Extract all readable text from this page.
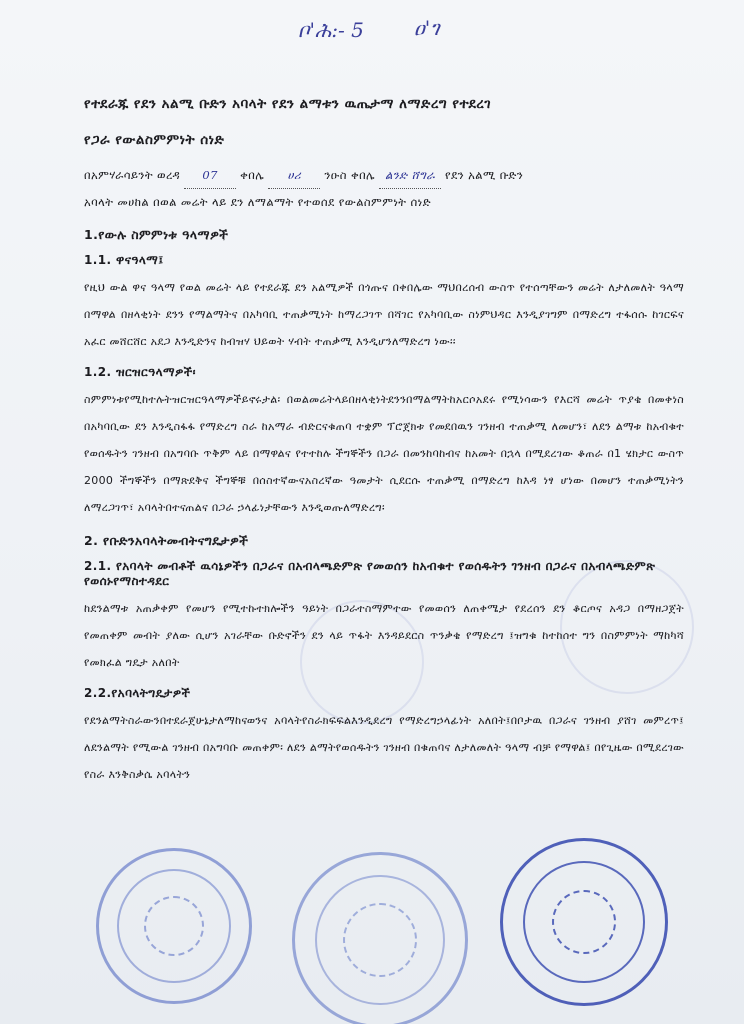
ቦ'ሕ:- 5	ዐ'ገ

የተደራጁ የደን አልሚ ቡድን አባላት የደን ልማቱን ዉጤታማ ለማድረግ የተደረገ

የጋራ የውልስምምነት ሰነድ

በአምሃራሳይንት ወረዳ 07 ቀበሌ ሀሪ ንዑስ ቀበሌ ልንድ ሸግራ የደን አልሚ ቡድን
አባላት መሀከል በወል መሬት ላይ ደን ለማልማት የተወሰደ የውልስምምነት ሰነድ
1.የውሉ ስምምነቱ ዓላማዎች
1.1. ዋናዓላማ፤

የዚህ ውል ዋና ዓላማ የወል መሬት ላይ የተደራጁ ደን አልሚዎች በጎጡና በቀበሌው ማህበረሰብ ውስጥ የተሰጣቸውን መሬት ለታለመለት ዓላማ በማዋል በዘላቂነት ደንን የማልማትና በአካባቢ ተጠቃሚነት ከማረጋገጥ በሻገር የአካባቢው ስነምህዳር እንዲያገግም በማድረግ ተፋሰሱ ከገርፍና አፈር መሸርሸር አደጋ እንዲድንና ከብዝሃ ህይወት ሃብት ተጠቃሚ እንዲሆንለማድረግ ነው፡፡

1.2. ዝርዝርዓላማዎች፡

ስምምነቱየሚከተሉትዝርዝርዓላማዎችይኖሩታል፡ በወልመሬትላይበዘላቂነትደንንበማልማትከአርሶአደሩ የሚነሳውን የእርሻ መሬት ጥያቄ በመቀነስ በአካባቢው ደን እንዲስፋፋ የማድረግ ስራ ከአማራ ብድርናቁጠባ ተቋም ፕሮጀክቱ የመደበዉን ገንዘብ ተጠቃሚ ለመሆን፣ ለደን ልማቱ ከአብቁተ የወሰዱትን ገንዘብ በአግባቡ ጥቅም ላይ በማዋልና የተተከሉ ችግኞችን በጋራ በመንከባከብና ከአመት በኋላ በሚደረገው ቆጠራ በ1 ሄክታር ውስጥ 2000 ችግኞችን በማጽደቅና ችግኞቹ በሰስተኛውናአስረኛው ዓመታት ሲደርሱ ተጠቃሚ በማድረግ ከእዳ ነፃ ሆነው በመሆን ተጠቃሚነትን ለማረጋገጥ፣ አባላትበተናጠልና በጋራ ኃላፊነታቸውን እንዲወጡለማድረግ፡

2. የቡድንአባላትመብትናግዴታዎች
2.1. የአባላት መብቶች ዉሳኔዎችን በጋራና በአብላጫድምጽ የመወሰን ከአብቁተ የወሰዱትን ገንዘብ በጋራና በአብላጫድምጽ የወሰኑየማስተዳደር

ከደንልማቱ አጠቃቀም የመሆን የሚተኩተክሎችን ዓይነት በጋራተስማምተው የመወሰን ለጠቀሜታ የደረሰን ደን ቆርጦና አዳጋ በማዘጋጀት የመጠቀም መብት ያለው ሲሆን አገራቸው ቡድኖችን ደን ላይ ጥፋት እንዳይደርስ ጥንቃቄ የማድረግ ፤ዝግቁ ከተከሰተ ግን በስምምነት ማከካሻ የመክፈል ግዴታ አለበት

2.2.የአባላትግዴታዎች

የደንልማትስራውንበተደራጀሁኔታለማከናወንና አባላትየስራክፍፍልእንዲደረግ የማድረግኃላፊነት አለበት፤በቦታዉ በጋራና ገንዘብ ያሸገ መምረጥ፤ ለደንልማት የሚውል ገንዘብ በአግባቡ መጠቀም፡ ለደን ልማትየወሰዱትን ገንዘብ በቁጠባና ለታለመለት ዓላማ ብቻ የማዋል፤ በየጊዜው በሚደረገው የስራ እንቅስቃሴ አባላትን
